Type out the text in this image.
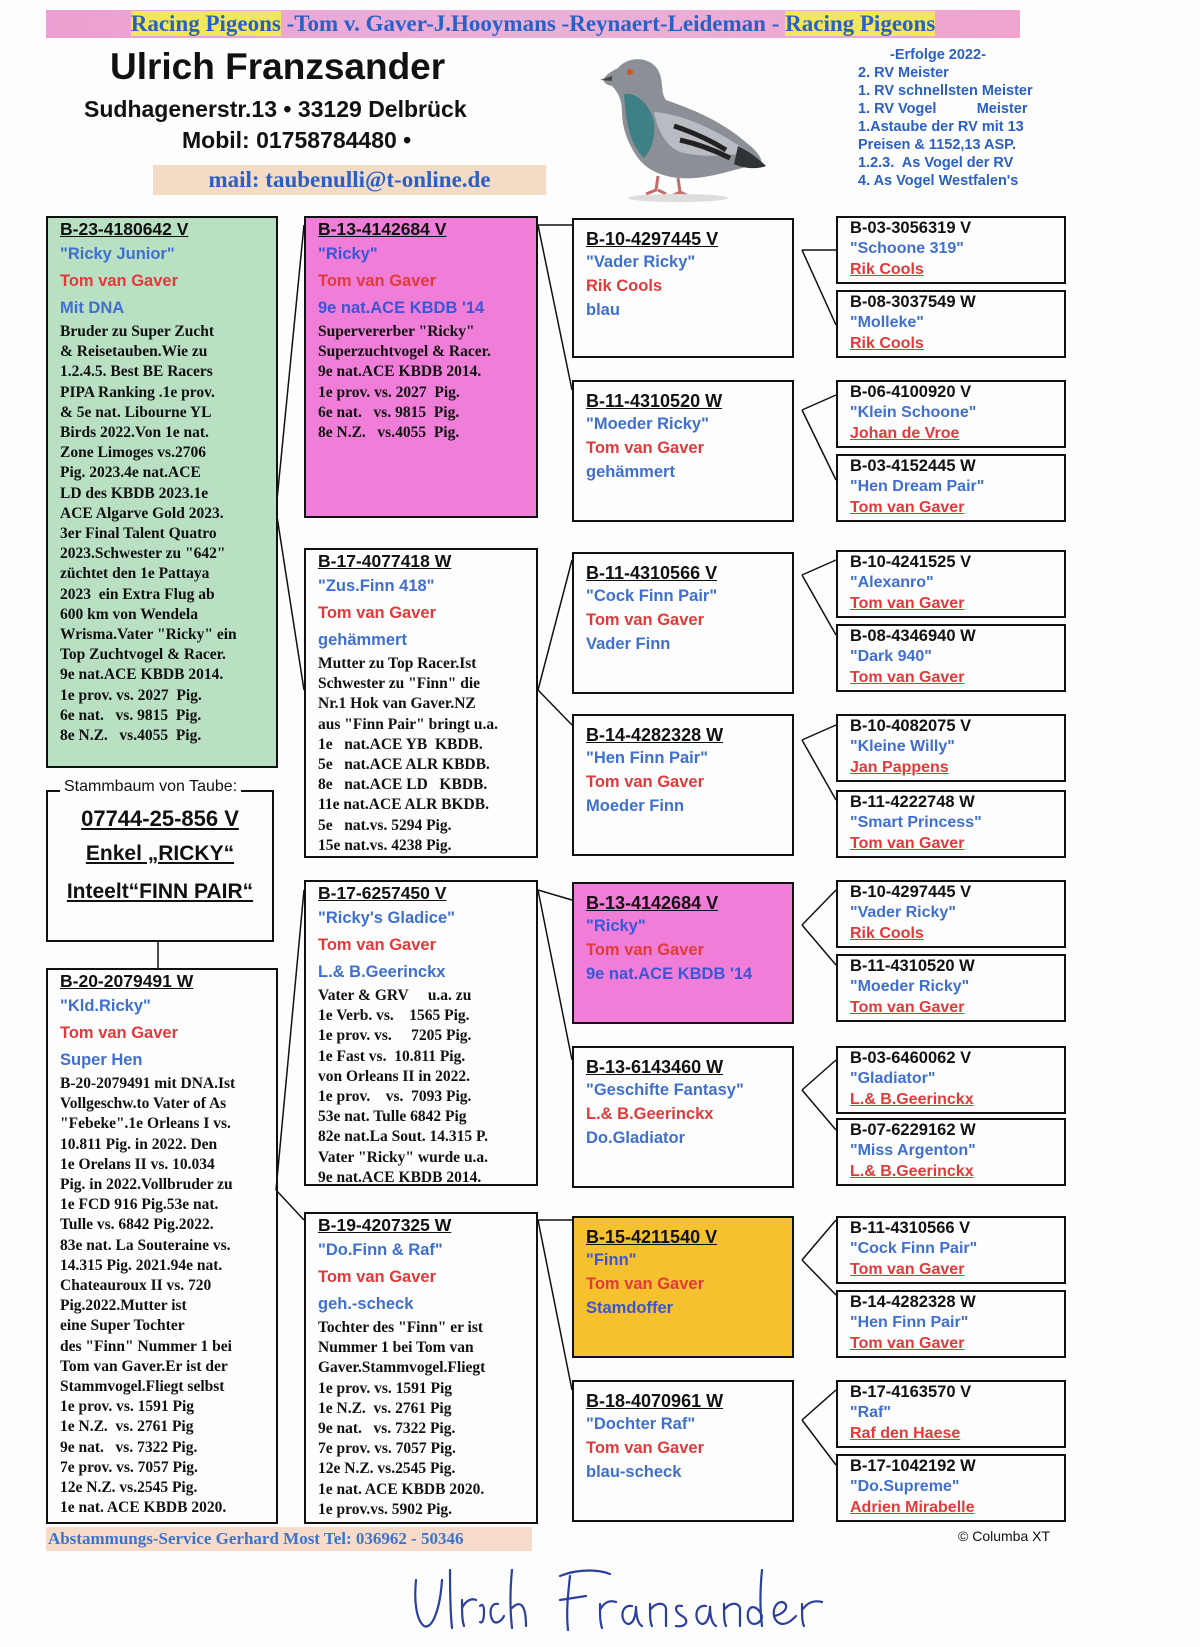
Racing Pigeons -Tom v. Gaver-J.Hooymans -Reynaert-Leideman - Racing Pigeons
Ulrich Franzsander
Sudhagenerstr.13 • 33129 Delbrück
Mobil: 01758784480 •
mail: taubenulli@t-online.de
-Erfolge 2022-
2. RV Meister
1. RV schnellsten Meister
1. RV Vogel          Meister
1.Astaube der RV mit 13
Preisen & 1152,13 ASP.
1.2.3.  As Vogel der RV
4. As Vogel Westfalen's
B-23-4180642 V
"Ricky Junior"
Tom van Gaver
Mit DNA
Bruder zu Super Zucht
& Reisetauben.Wie zu
1.2.4.5. Best BE Racers
PIPA Ranking .1e prov.
& 5e nat. Libourne YL
Birds 2022.Von 1e nat.
Zone Limoges vs.2706
Pig. 2023.4e nat.ACE
LD des KBDB 2023.1e
ACE Algarve Gold 2023.
3er Final Talent Quatro
2023.Schwester zu "642"
züchtet den 1e Pattaya
2023  ein Extra Flug ab
600 km von Wendela
Wrisma.Vater "Ricky" ein
Top Zuchtvogel & Racer.
9e nat.ACE KBDB 2014.
1e prov. vs. 2027  Pig.
6e nat.   vs. 9815  Pig.
8e N.Z.   vs.4055  Pig.
B-20-2079491 W
"Kld.Ricky"
Tom van Gaver
Super Hen
B-20-2079491 mit DNA.Ist
Vollgeschw.to Vater of As
"Febeke".1e Orleans I vs.
10.811 Pig. in 2022. Den
1e Orelans II vs. 10.034
Pig. in 2022.Vollbruder zu
1e FCD 916 Pig.53e nat.
Tulle vs. 6842 Pig.2022.
83e nat. La Souteraine vs.
14.315 Pig. 2021.94e nat.
Chateauroux II vs. 720
Pig.2022.Mutter ist
eine Super Tochter
des "Finn" Nummer 1 bei
Tom van Gaver.Er ist der
Stammvogel.Fliegt selbst
1e prov. vs. 1591 Pig
1e N.Z.  vs. 2761 Pig
9e nat.   vs. 7322 Pig.
7e prov. vs. 7057 Pig.
12e N.Z. vs.2545 Pig.
1e nat. ACE KBDB 2020.
Stammbaum von Taube:
07744-25-856 V
Enkel „RICKY“
Inteelt“FINN PAIR“
B-13-4142684 V
"Ricky"
Tom van Gaver
9e nat.ACE KBDB '14
Supervererber "Ricky"
Superzuchtvogel & Racer.
9e nat.ACE KBDB 2014.
1e prov. vs. 2027  Pig.
6e nat.   vs. 9815  Pig.
8e N.Z.   vs.4055  Pig.
B-17-4077418 W
"Zus.Finn 418"
Tom van Gaver
gehämmert
Mutter zu Top Racer.Ist
Schwester zu "Finn" die
Nr.1 Hok van Gaver.NZ
aus "Finn Pair" bringt u.a.
1e   nat.ACE YB  KBDB.
5e   nat.ACE ALR KBDB.
8e   nat.ACE LD   KBDB.
11e nat.ACE ALR BKDB.
5e   nat.vs. 5294 Pig.
15e nat.vs. 4238 Pig.
B-17-6257450 V
"Ricky's Gladice"
Tom van Gaver
L.& B.Geerinckx
Vater & GRV     u.a. zu
1e Verb. vs.    1565 Pig.
1e prov. vs.     7205 Pig.
1e Fast vs.  10.811 Pig.
von Orleans II in 2022.
1e prov.    vs.  7093 Pig.
53e nat. Tulle 6842 Pig
82e nat.La Sout. 14.315 P.
Vater "Ricky" wurde u.a.
9e nat.ACE KBDB 2014.
B-19-4207325 W
"Do.Finn & Raf"
Tom van Gaver
geh.-scheck
Tochter des "Finn" er ist
Nummer 1 bei Tom van
Gaver.Stammvogel.Fliegt
1e prov. vs. 1591 Pig
1e N.Z.  vs. 2761 Pig
9e nat.   vs. 7322 Pig.
7e prov. vs. 7057 Pig.
12e N.Z. vs.2545 Pig.
1e nat. ACE KBDB 2020.
1e prov.vs. 5902 Pig.
B-10-4297445 V
"Vader Ricky"
Rik Cools
blau
B-11-4310520 W
"Moeder Ricky"
Tom van Gaver
gehämmert
B-11-4310566 V
"Cock Finn Pair"
Tom van Gaver
Vader Finn
B-14-4282328 W
"Hen Finn Pair"
Tom van Gaver
Moeder Finn
B-13-4142684 V
"Ricky"
Tom van Gaver
9e nat.ACE KBDB '14
B-13-6143460 W
"Geschifte Fantasy"
L.& B.Geerinckx
Do.Gladiator
B-15-4211540 V
"Finn"
Tom van Gaver
Stamdoffer
B-18-4070961 W
"Dochter Raf"
Tom van Gaver
blau-scheck
B-03-3056319 V
"Schoone 319"
Rik Cools
B-08-3037549 W
"Molleke"
Rik Cools
B-06-4100920 V
"Klein Schoone"
Johan de Vroe
B-03-4152445 W
"Hen Dream Pair"
Tom van Gaver
B-10-4241525 V
"Alexanro"
Tom van Gaver
B-08-4346940 W
"Dark 940"
Tom van Gaver
B-10-4082075 V
"Kleine Willy"
Jan Pappens
B-11-4222748 W
"Smart Princess"
Tom van Gaver
B-10-4297445 V
"Vader Ricky"
Rik Cools
B-11-4310520 W
"Moeder Ricky"
Tom van Gaver
B-03-6460062 V
"Gladiator"
L.& B.Geerinckx
B-07-6229162 W
"Miss Argenton"
L.& B.Geerinckx
B-11-4310566 V
"Cock Finn Pair"
Tom van Gaver
B-14-4282328 W
"Hen Finn Pair"
Tom van Gaver
B-17-4163570 V
"Raf"
Raf den Haese
B-17-1042192 W
"Do.Supreme"
Adrien Mirabelle
Abstammungs-Service Gerhard Most Tel: 036962 - 50346	© Columba XT
